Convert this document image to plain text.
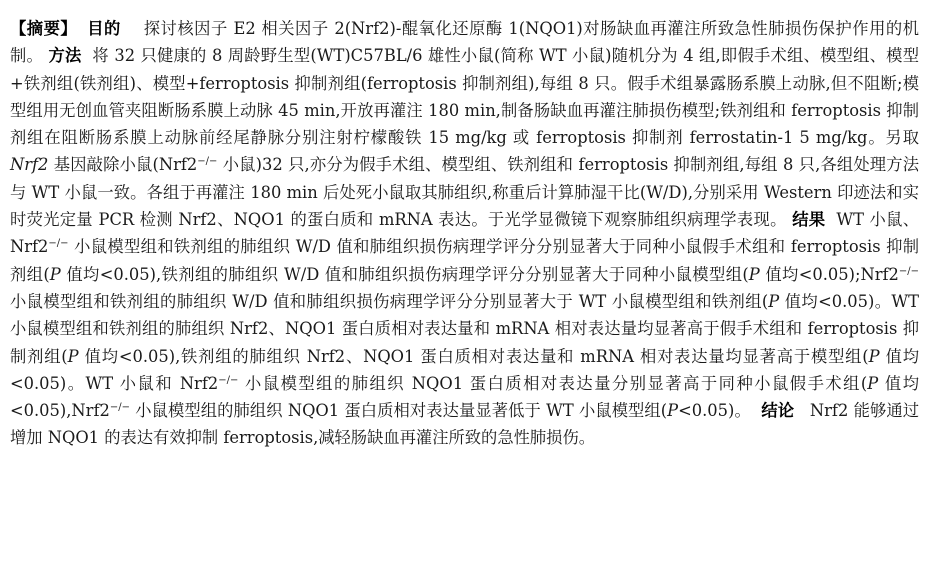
【摘要】 目的 探讨核因子 E2 相关因子 2(Nrf2)-醌氧化还原酶 1(NQO1)对肠缺血再灌注所致急性肺损伤保护作用的机制。 方法 将 32 只健康的 8 周龄野生型(WT)C57BL/6 雄性小鼠(简称 WT 小鼠)随机分为 4 组,即假手术组、模型组、模型+铁剂组(铁剂组)、模型+ferroptosis 抑制剂组(ferroptosis 抑制剂组),每组 8 只。假手术组暴露肠系膜上动脉,但不阻断;模型组用无创血管夹阻断肠系膜上动脉 45 min,开放再灌注 180 min,制备肠缺血再灌注肺损伤模型;铁剂组和 ferroptosis 抑制剂组在阻断肠系膜上动脉前经尾静脉分别注射柠檬酸铁 15 mg/kg 或 ferroptosis 抑制剂 ferrostatin-1 5 mg/kg。另取 Nrf2 基因敲除小鼠(Nrf2−/− 小鼠)32 只,亦分为假手术组、模型组、铁剂组和 ferroptosis 抑制剂组,每组 8 只,各组处理方法与 WT 小鼠一致。各组于再灌注 180 min 后处死小鼠取其肺组织,称重后计算肺湿干比(W/D),分别采用 Western 印迹法和实时荧光定量 PCR 检测 Nrf2、NQO1 的蛋白质和 mRNA 表达。于光学显微镜下观察肺组织病理学表现。 结果 WT 小鼠、Nrf2−/− 小鼠模型组和铁剂组的肺组织 W/D 值和肺组织损伤病理学评分分别显著大于同种小鼠假手术组和 ferroptosis 抑制剂组(P 值均<0.05),铁剂组的肺组织 W/D 值和肺组织损伤病理学评分分别显著大于同种小鼠模型组(P 值均<0.05);Nrf2−/− 小鼠模型组和铁剂组的肺组织 W/D 值和肺组织损伤病理学评分分别显著大于 WT 小鼠模型组和铁剂组(P 值均<0.05)。WT 小鼠模型组和铁剂组的肺组织 Nrf2、NQO1 蛋白质相对表达量和 mRNA 相对表达量均显著高于假手术组和 ferroptosis 抑制剂组(P 值均<0.05),铁剂组的肺组织 Nrf2、NQO1 蛋白质相对表达量和 mRNA 相对表达量均显著高于模型组(P 值均<0.05)。WT 小鼠和 Nrf2−/− 小鼠模型组的肺组织 NQO1 蛋白质相对表达量分别显著高于同种小鼠假手术组(P 值均<0.05),Nrf2−/− 小鼠模型组的肺组织 NQO1 蛋白质相对表达量显著低于 WT 小鼠模型组(P<0.05)。 结论 Nrf2 能够通过增加 NQO1 的表达有效抑制 ferroptosis,减轻肠缺血再灌注所致的急性肺损伤。
